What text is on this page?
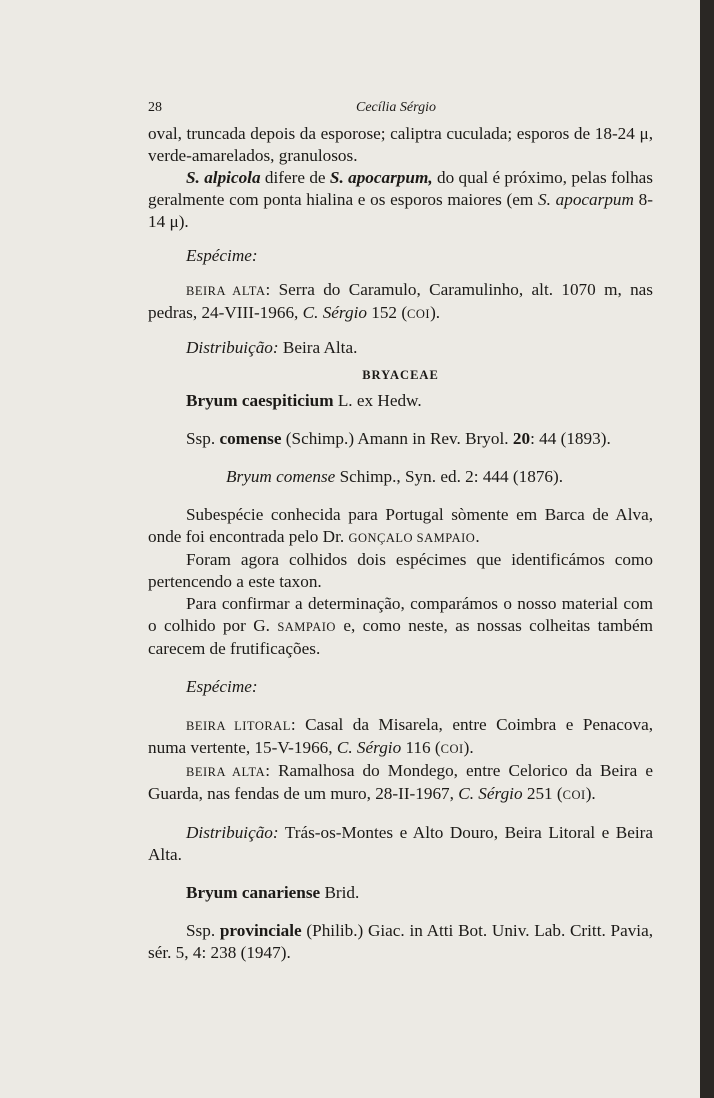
28	Cecília Sérgio

oval, truncada depois da esporose; caliptra cuculada; esporos de 18-24 μ, verde-amarelados, granulosos.

S. alpicola difere de S. apocarpum, do qual é próximo, pelas folhas geralmente com ponta hialina e os esporos maiores (em S. apocarpum 8-14 μ).

Espécime:

BEIRA ALTA: Serra do Caramulo, Caramulinho, alt. 1070 m, nas pedras, 24-VIII-1966, C. Sérgio 152 (COI).

Distribuição: Beira Alta.

BRYACEAE

Bryum caespiticium L. ex Hedw.

Ssp. comense (Schimp.) Amann in Rev. Bryol. 20: 44 (1893).

Bryum comense Schimp., Syn. ed. 2: 444 (1876).

Subespécie conhecida para Portugal sòmente em Barca de Alva, onde foi encontrada pelo Dr. GONÇALO SAMPAIO.

Foram agora colhidos dois espécimes que identificámos como pertencendo a este taxon.

Para confirmar a determinação, comparámos o nosso material com o colhido por G. SAMPAIO e, como neste, as nossas colheitas também carecem de frutificações.

Espécime:

BEIRA LITORAL: Casal da Misarela, entre Coimbra e Penacova, numa vertente, 15-V-1966, C. Sérgio 116 (COI).

BEIRA ALTA: Ramalhosa do Mondego, entre Celorico da Beira e Guarda, nas fendas de um muro, 28-II-1967, C. Sérgio 251 (COI).

Distribuição: Trás-os-Montes e Alto Douro, Beira Litoral e Beira Alta.

Bryum canariense Brid.

Ssp. provinciale (Philib.) Giac. in Atti Bot. Univ. Lab. Critt. Pavia, sér. 5, 4: 238 (1947).
